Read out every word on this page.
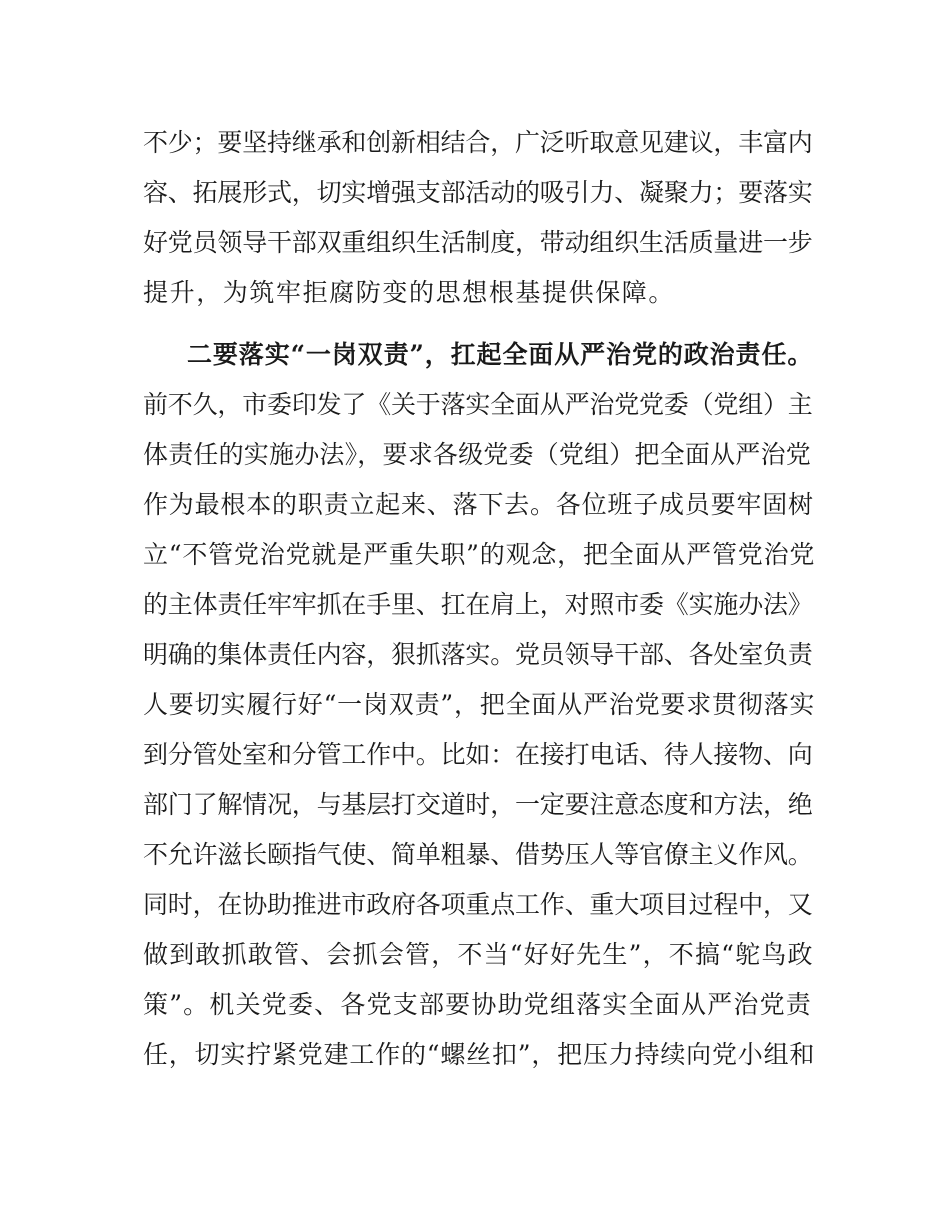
不少；要坚持继承和创新相结合，广泛听取意见建议，丰富内
容、拓展形式，切实增强支部活动的吸引力、凝聚力；要落实
好党员领导干部双重组织生活制度，带动组织生活质量进一步
提升，为筑牢拒腐防变的思想根基提供保障。
二要落实“一岗双责”，扛起全面从严治党的政治责任。
前不久，市委印发了《关于落实全面从严治党党委（党组）主
体责任的实施办法》，要求各级党委（党组）把全面从严治党
作为最根本的职责立起来、落下去。各位班子成员要牢固树
立“不管党治党就是严重失职”的观念，把全面从严管党治党
的主体责任牢牢抓在手里、扛在肩上，对照市委《实施办法》
明确的集体责任内容，狠抓落实。党员领导干部、各处室负责
人要切实履行好“一岗双责”，把全面从严治党要求贯彻落实
到分管处室和分管工作中。比如：在接打电话、待人接物、向
部门了解情况，与基层打交道时，一定要注意态度和方法，绝
不允许滋长颐指气使、简单粗暴、借势压人等官僚主义作风。
同时，在协助推进市政府各项重点工作、重大项目过程中，又
做到敢抓敢管、会抓会管，不当“好好先生”，不搞“鸵鸟政
策”。机关党委、各党支部要协助党组落实全面从严治党责
任，切实拧紧党建工作的“螺丝扣”，把压力持续向党小组和
